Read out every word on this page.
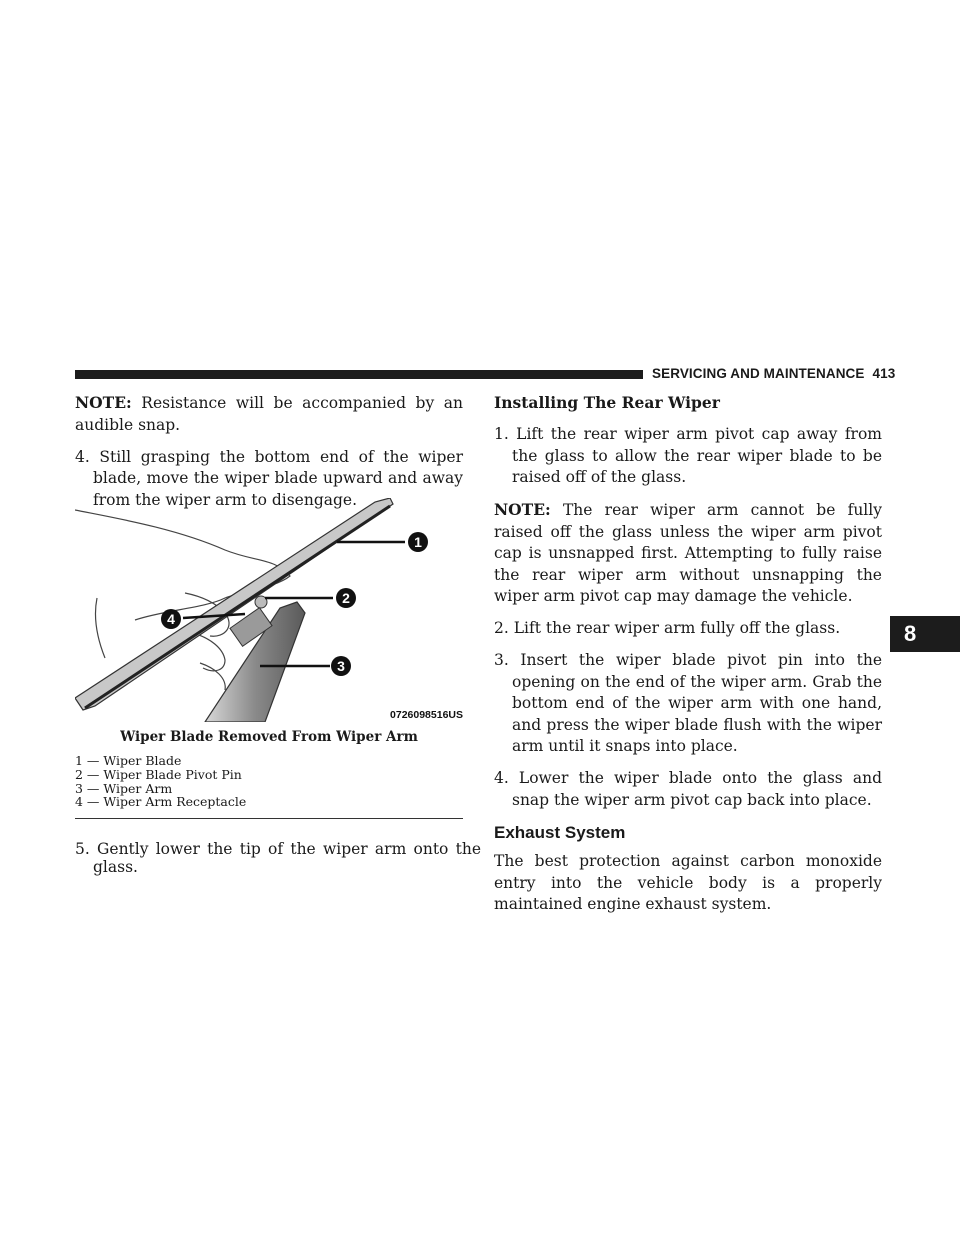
SERVICING AND MAINTENANCE 413
8

NOTE: Resistance will be accompanied by an audible snap.

4. Still grasping the bottom end of the wiper blade, move the wiper blade upward and away from the wiper arm to disengage.

1
2
3
4
0726098516US
Wiper Blade Removed From Wiper Arm
1 — Wiper Blade
2 — Wiper Blade Pivot Pin
3 — Wiper Arm
4 — Wiper Arm Receptacle

5. Gently lower the tip of the wiper arm onto the glass.

Installing The Rear Wiper

1. Lift the rear wiper arm pivot cap away from the glass to allow the rear wiper blade to be raised off of the glass.

NOTE: The rear wiper arm cannot be fully raised off the glass unless the wiper arm pivot cap is unsnapped first. Attempting to fully raise the rear wiper arm without unsnapping the wiper arm pivot cap may damage the vehicle.

2. Lift the rear wiper arm fully off the glass.

3. Insert the wiper blade pivot pin into the opening on the end of the wiper arm. Grab the bottom end of the wiper arm with one hand, and press the wiper blade flush with the wiper arm until it snaps into place.

4. Lower the wiper blade onto the glass and snap the wiper arm pivot cap back into place.

Exhaust System

The best protection against carbon monoxide entry into the vehicle body is a properly maintained engine exhaust system.
